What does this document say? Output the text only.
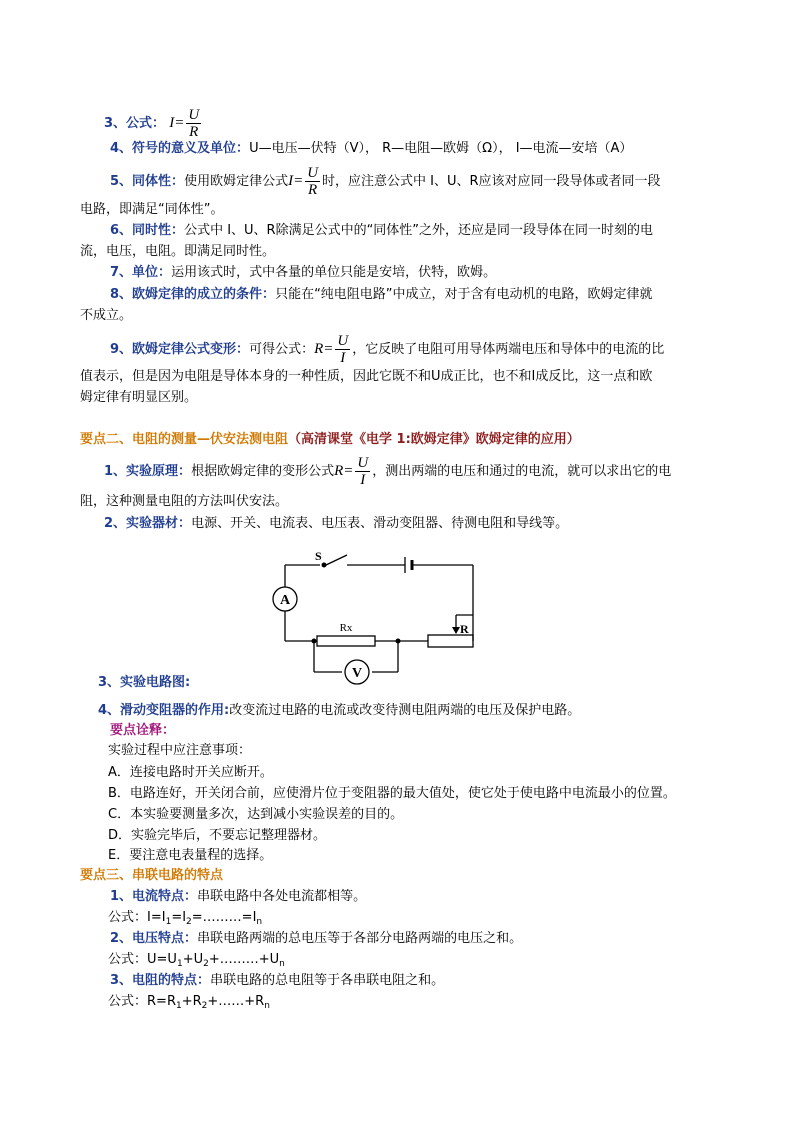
3、公式： $I= \frac{U}{R}$
4、符号的意义及单位：U—电压—伏特（V）， R—电阻—欧姆（Ω）， I—电流—安培（A）
5、同体性：使用欧姆定律公式$I= \frac{U}{R}$ 时，应注意公式中 I、U、R应该对应同一段导体或者同一段
电路，即满足“同体性”。
6、同时性：公式中 I、U、R除满足公式中的“同体性”之外，还应是同一段导体在同一时刻的电
流，电压，电阻。即满足同时性。
7、单位：运用该式时，式中各量的单位只能是安培，伏特，欧姆。
8、欧姆定律的成立的条件：只能在“纯电阻电路”中成立，对于含有电动机的电路，欧姆定律就
不成立。
9、欧姆定律公式变形：可得公式：$R= \frac{U}{I}$ ，它反映了电阻可用导体两端电压和导体中的电流的比
值表示，但是因为电阻是导体本身的一种性质，因此它既不和U成正比，也不和I成反比，这一点和欧
姆定律有明显区别。
要点二、电阻的测量—伏安法测电阻（高清课堂《电学 1:欧姆定律》欧姆定律的应用）
1、实验原理：根据欧姆定律的变形公式$R= \frac{U}{I}$ ，测出两端的电压和通过的电流，就可以求出它的电
阻，这种测量电阻的方法叫伏安法。
2、实验器材：电源、开关、电流表、电压表、滑动变阻器、待测电阻和导线等。
S
A
V
Rx	R
3、实验电路图:
4、滑动变阻器的作用:改变流过电路的电流或改变待测电阻两端的电压及保护电路。
要点诠释：
实验过程中应注意事项：
A．连接电路时开关应断开。
B．电路连好，开关闭合前，应使滑片位于变阻器的最大值处，使它处于使电路中电流最小的位置。
C．本实验要测量多次，达到减小实验误差的目的。
D．实验完毕后，不要忘记整理器材。
E．要注意电表量程的选择。
要点三、串联电路的特点
1、电流特点：串联电路中各处电流都相等。
公式：$I=I_1=I_2=\dots\dots\dots=I_n$
2、电压特点：串联电路两端的总电压等于各部分电路两端的电压之和。
公式：$U=U_1+U_2+\dots\dots\dots+U_n$
3、电阻的特点：串联电路的总电阻等于各串联电阻之和。
公式：$R=R_1+R_2+\dots\dots+R_n$
